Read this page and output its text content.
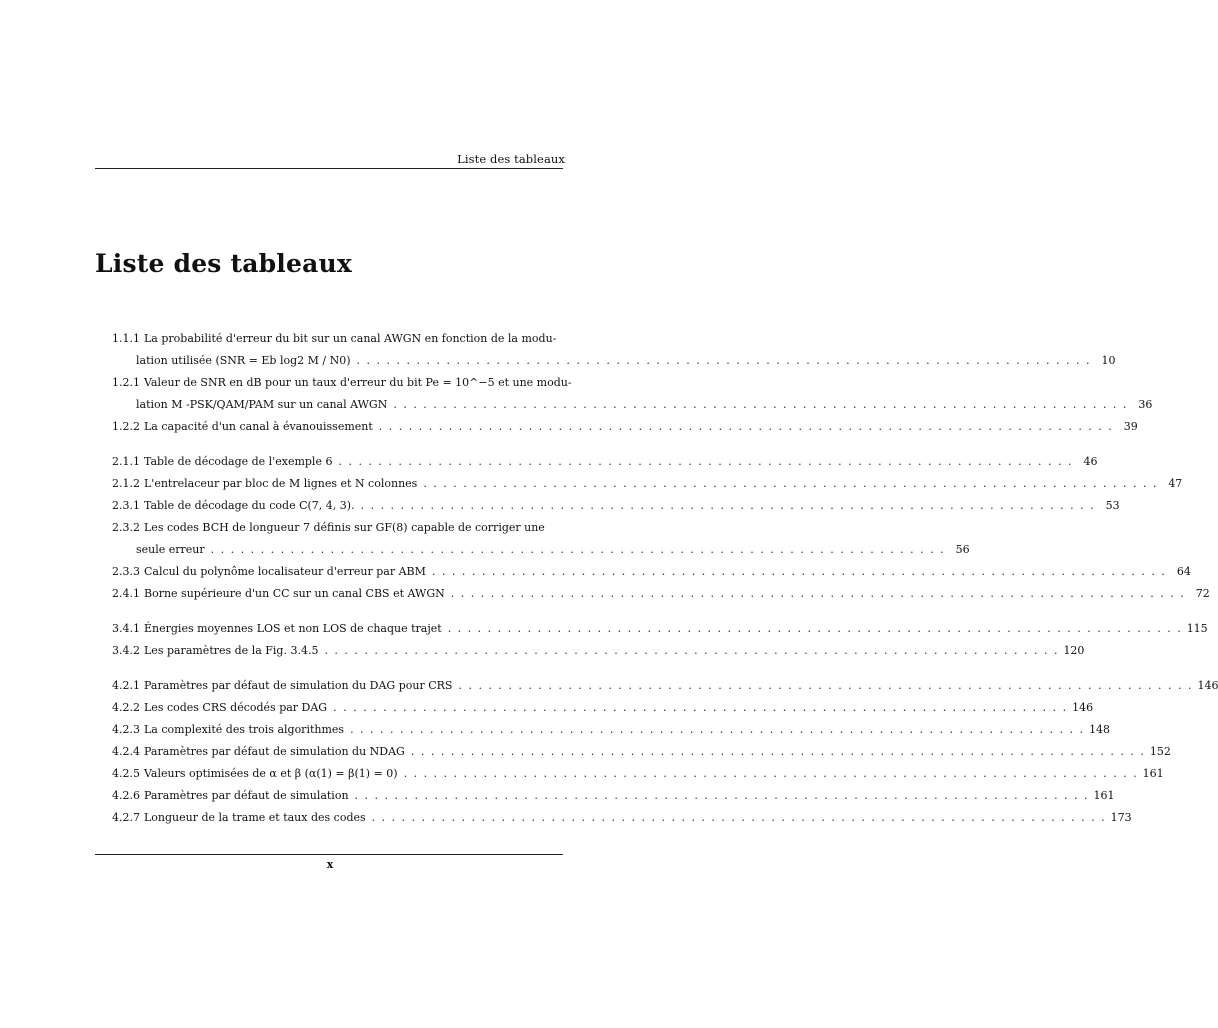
Liste des tableaux
Liste des tableaux
1.1.1 La probabilité d'erreur du bit sur un canal AWGN en fonction de la modu-
lation utilisée (SNR = Eb log2 M / N0) . . .	10
1.2.1 Valeur de SNR en dB pour un taux d'erreur du bit Pe = 10^−5 et une modu-
lation M -PSK/QAM/PAM sur un canal AWGN . . .	36
1.2.2 La capacité d'un canal à évanouissement . . .	39
2.1.1 Table de décodage de l'exemple 6 . . .	46
2.1.2 L'entrelaceur par bloc de M lignes et N colonnes . . .	47
2.3.1 Table de décodage du code C(7, 4, 3). . . .	53
2.3.2 Les codes BCH de longueur 7 définis sur GF(8) capable de corriger une
seule erreur . . .	56
2.3.3 Calcul du polynôme localisateur d'erreur par ABM . . .	64
2.4.1 Borne supérieure d'un CC sur un canal CBS et AWGN . . .	72
3.4.1 Énergies moyennes LOS et non LOS de chaque trajet . . .	115
3.4.2 Les paramètres de la Fig. 3.4.5 . . .	120
4.2.1 Paramètres par défaut de simulation du DAG pour CRS . . .	146
4.2.2 Les codes CRS décodés par DAG . . .	146
4.2.3 La complexité des trois algorithmes . . .	148
4.2.4 Paramètres par défaut de simulation du NDAG . . .	152
4.2.5 Valeurs optimisées de α et β (α(1) = β(1) = 0) . . .	161
4.2.6 Paramètres par défaut de simulation . . .	161
4.2.7 Longueur de la trame et taux des codes . . .	173
x
